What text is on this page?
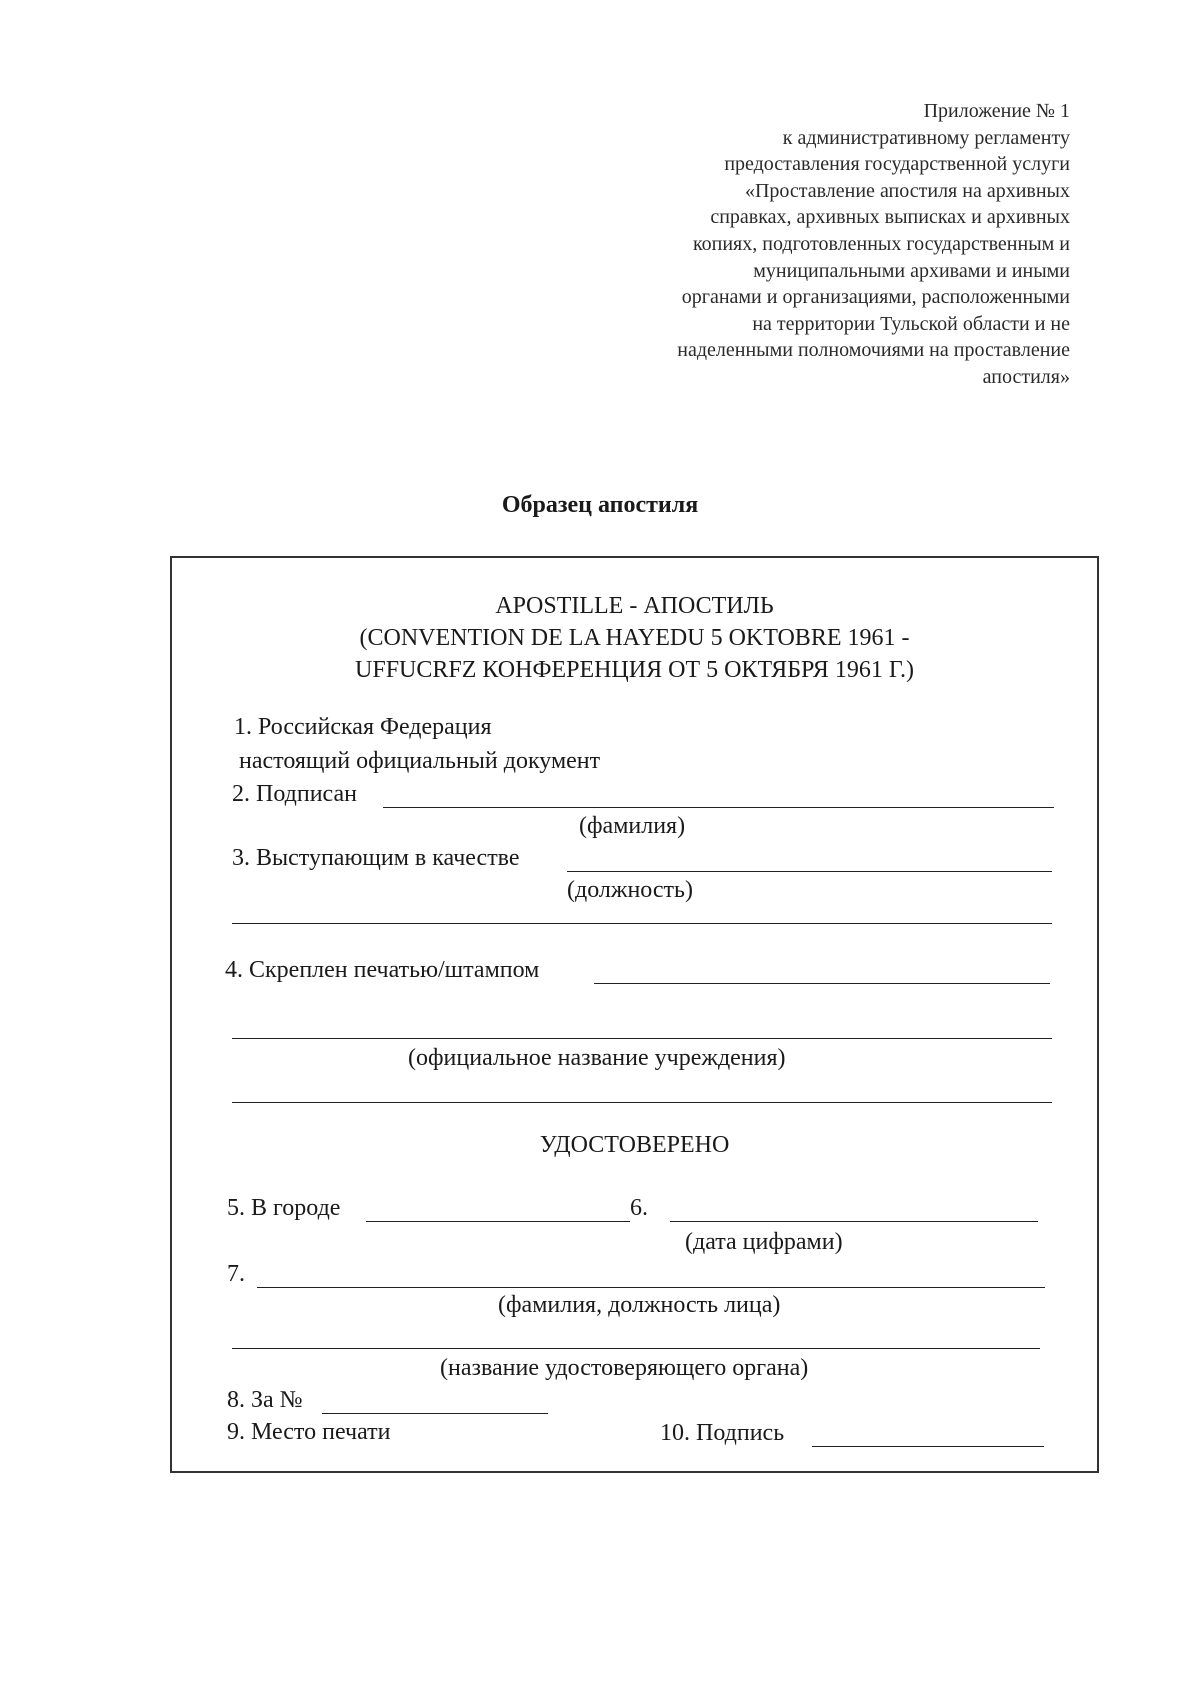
Приложение № 1
к административному регламенту
предоставления государственной услуги
«Проставление апостиля на архивных
справках, архивных выписках и архивных
копиях, подготовленных государственным и
муниципальными архивами и иными
органами и организациями, расположенными
на территории Тульской области и не
наделенными полномочиями на проставление
апостиля»
Образец апостиля
APOSTILLE - АПОСТИЛЬ
(CONVENTION DE LA HAYEDU 5 OKTOBRE 1961 -
UFFUCRFZ КОНФЕРЕНЦИЯ ОТ 5 ОКТЯБРЯ 1961 Г.)
1. Российская Федерация
настоящий официальный документ
2. Подписан
(фамилия)
3. Выступающим в качестве
(должность)
4. Скреплен печатью/штампом
(официальное название учреждения)
УДОСТОВЕРЕНО
5. В городе	6.
(дата цифрами)
7.
(фамилия, должность лица)
(название удостоверяющего органа)
8. За №
9. Место печати	10. Подпись
